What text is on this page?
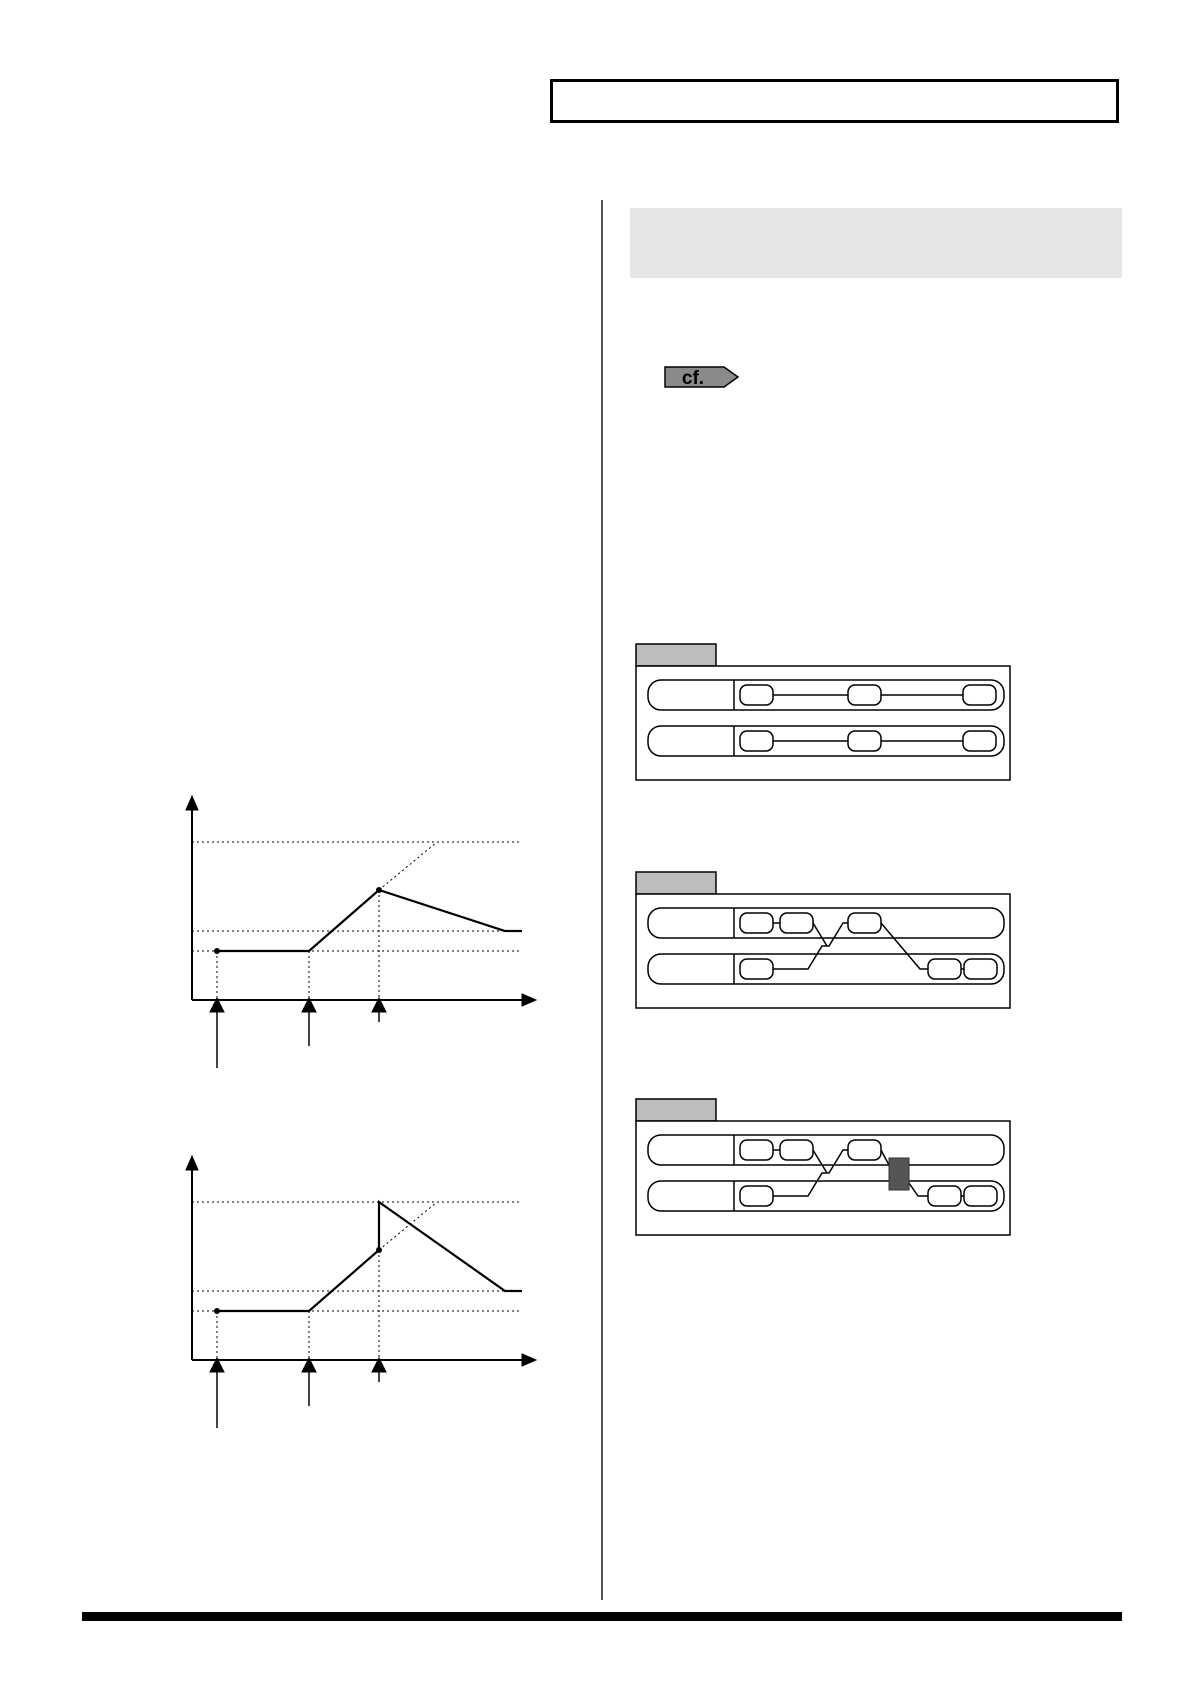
cf.
